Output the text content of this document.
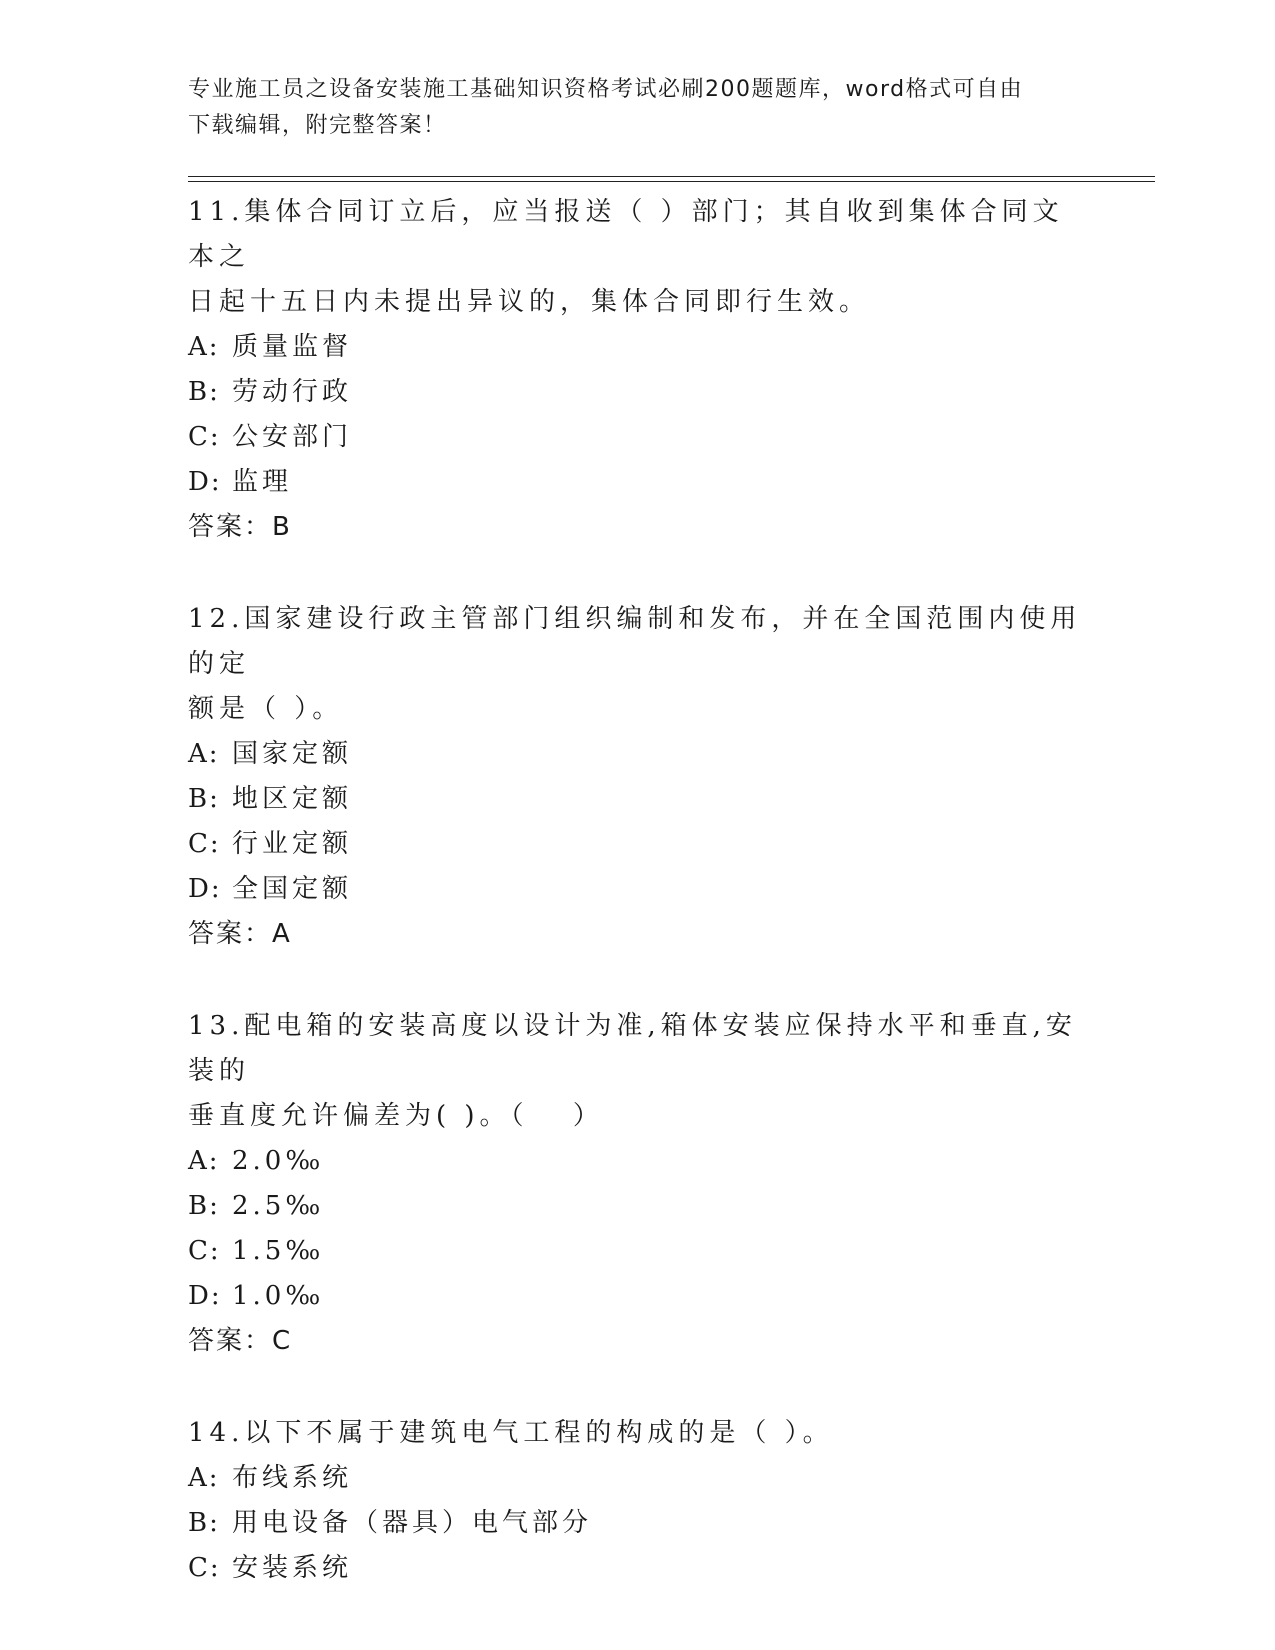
专业施工员之设备安装施工基础知识资格考试必刷200题题库，word格式可自由
下载编辑，附完整答案！

11.集体合同订立后，应当报送（ ）部门；其自收到集体合同文本之
日起十五日内未提出异议的，集体合同即行生效。

A: 质量监督

B: 劳动行政

C: 公安部门

D: 监理

答案：B

12.国家建设行政主管部门组织编制和发布，并在全国范围内使用的定
额是（ ）。

A: 国家定额

B: 地区定额

C: 行业定额

D: 全国定额

答案：A

13.配电箱的安装高度以设计为准,箱体安装应保持水平和垂直,安装的
垂直度允许偏差为( )。（　 ）

A: 2.0‰

B: 2.5‰

C: 1.5‰

D: 1.0‰

答案：C

14.以下不属于建筑电气工程的构成的是（ ）。

A: 布线系统

B: 用电设备（器具）电气部分

C: 安装系统
